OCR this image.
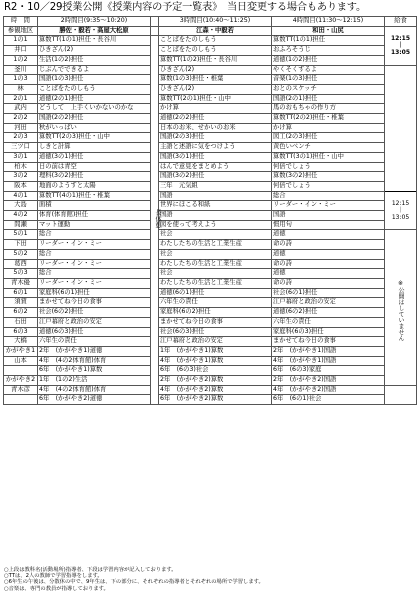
R2・10／29授業公開《授業内容の予定一覧表》　当日変更する場合もあります。
時　間	2時間目(9:35～10:20)		3時間目(10:40～11:25)	4時間目(11:30～12:15)	給食	
参観地区	勝佐・毅若・高屋大松原		江森・中毅若	和田・山尻	12:15
｜
13:05	
1の1	算数TT(1の1)担任・長谷川	長休憩	ことばをたのしもう	算数TT(1の1)担任		
井口	ひきざん(2)		ことばをたのしもう	おふろそうじ		
1の2	生活(1の2)担任		算数TT(1の2)担任・長谷川	道徳(1の2)担任	
釜川	じぶんでできるよ		ひきざん(2)	やくそくするよ		
1の3	国語(1の3)担任		算数(1の3)担任・椎葉	音楽(1の3)担任		
林	ことばをたのしもう		ひきざん(2)	おとのスケッチ		
2の1	道徳(2の1)担任		算数TT(2の1)担任・山中	国語(2の1)担任		
武内	どうして　上手くいかないのかな		かけ算	馬のおもちゃの作り方		
2の2	国語(2の2)担任		道徳(2の2)担任	算数TT(2の2)担任・椎葉		
河田	秋がいっぱい		日本のお米、せかいのお米	かけ算		
2の3	算数TT(2の3)担任・山中		国語(2の3)担任	図工(2の3)担任		
三ツ口	しきと計算		主語と述語に気をつけよう	黄色いベンチ		
3の1	道徳(3の1)担任		国語(3の1)担任	算数TT(3の1)担任・山中		
柏木	日の前は青空		はんで意見をまとめよう	何倍でしょう		
3の2	理科(3の2)担任		国語(3の2)担任	算数(3の2)担任		
阪本	地面のようすと太陽		三年　元気組	何倍でしょう		
4の1	算数TT(4の1)担任・椎葉		国語	総合	12:15
｜
13:05	
大島	面積		世界にほこる和紙	リーダー・イン・ミー		
4の2	体育(体育館)担任		国語	国語		
間瀬	マット運動		図を使って考えよう	慣用句		
5の1	総合		社会	道徳	※公開はしていません	
下田	リーダー・イン・ミー		わたしたちの生活と工業生産	命の詩		
5の2	総合		社会	道徳		
葛西	リーダー・イン・ミー		わたしたちの生活と工業生産	命の詩		
5の3	総合		社会	道徳		
青木優	リーダー・イン・ミー		わたしたちの生活と工業生産	命の詩		
6の1	家庭科(6の1)担任		道徳(6の1)担任	社会(6の1)担任		
須賀	まかせてね今日の食事		六年生の責任	江戸幕府と政治の安定		
6の2	社会(6の2)担任		家庭科(6の2)担任	道徳(6の2)担任		
石田	江戸幕府と政治の安定		まかせてね今日の食事	六年生の責任		
6の3	道徳(6の3)担任		社会(6の3)担任	家庭科(6の3)担任		
大橋	六年生の責任		江戸幕府と政治の安定	まかせてね今日の食事		
かがやき1	2年　(かがやき1)道徳		1年　(かがやき1)算数	2年　(かがやき1)国語		
山本	4年　(4の2体育館)体育		4年　(かがやき1)算数	4年　(かがやき1)国語		
	6年　(かがやき1)算数		6年　(6の3)社会	6年　(6の3)家庭		
かがやき2	1年　(1の2)生活		2年　(かがやき2)算数	2年　(かがやき2)国語		
青木彦	4年　(4の2体育館)体育		4年　(かがやき2)算数	4年　(かがやき2)国語		
	6年　(かがやき2)道徳		6年　(かがやき2)算数	6年　(6の1)社会		
○上段は教科名(活動場所)指導者、下段は学習内容が記入しております。
○TTは、2人の教師で学習指導をします。
○6年生の午後は、分散休の中で、9年生は、下の部分に、それぞれの指導者とそれぞれの場所で学習します。
○音楽は、専門の教員が指導しております。
